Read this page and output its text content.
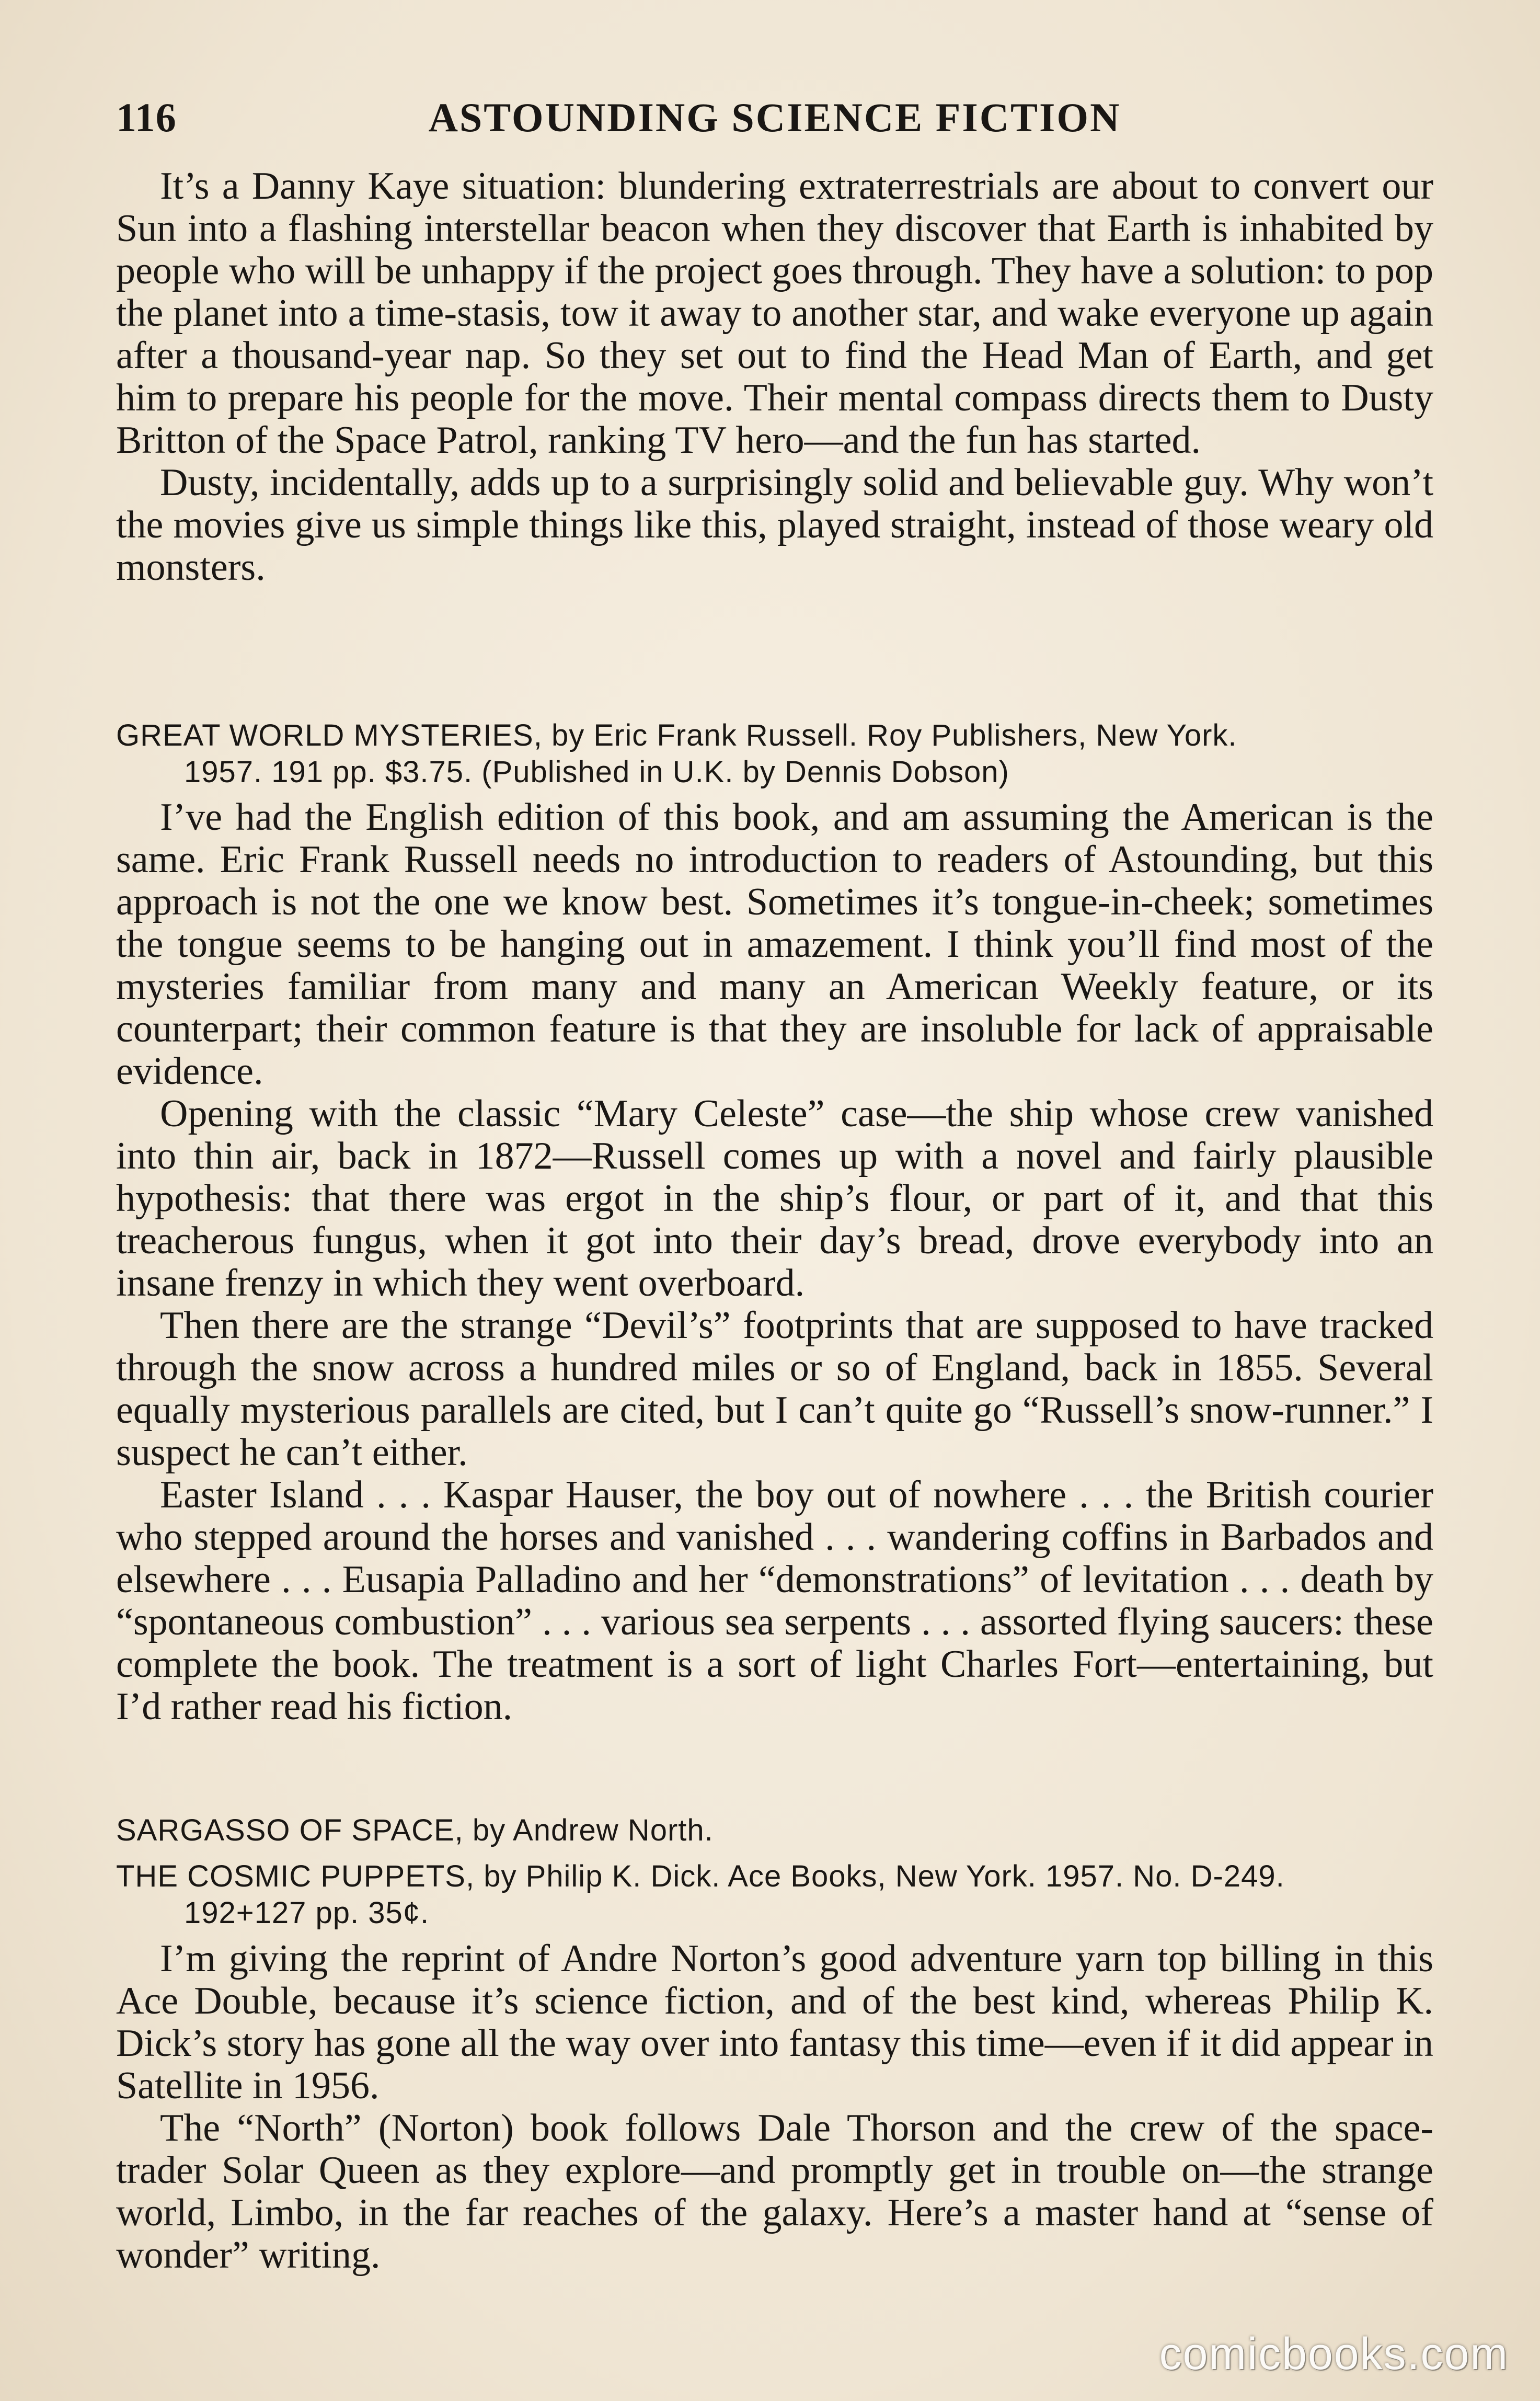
116	ASTOUNDING SCIENCE FICTION

It’s a Danny Kaye situation: blundering extraterrestrials are about to convert our Sun into a flashing interstellar beacon when they discover that Earth is inhabited by people who will be unhappy if the project goes through. They have a solution: to pop the planet into a time-stasis, tow it away to another star, and wake everyone up again after a thousand-year nap. So they set out to find the Head Man of Earth, and get him to prepare his people for the move. Their mental compass directs them to Dusty Britton of the Space Patrol, ranking TV hero—and the fun has started.

Dusty, incidentally, adds up to a surprisingly solid and believable guy. Why won’t the movies give us simple things like this, played straight, instead of those weary old monsters.

GREAT WORLD MYSTERIES, by Eric Frank Russell. Roy Publishers, New York.
1957. 191 pp. $3.75. (Published in U.K. by Dennis Dobson)

I’ve had the English edition of this book, and am assuming the American is the same. Eric Frank Russell needs no introduction to readers of Astounding, but this approach is not the one we know best. Sometimes it’s tongue-in-cheek; sometimes the tongue seems to be hanging out in amazement. I think you’ll find most of the mysteries familiar from many and many an American Weekly feature, or its counterpart; their common feature is that they are insoluble for lack of appraisable evidence.

Opening with the classic “Mary Celeste” case—the ship whose crew vanished into thin air, back in 1872—Russell comes up with a novel and fairly plausible hypothesis: that there was ergot in the ship’s flour, or part of it, and that this treacherous fungus, when it got into their day’s bread, drove everybody into an insane frenzy in which they went overboard.

Then there are the strange “Devil’s” footprints that are supposed to have tracked through the snow across a hundred miles or so of England, back in 1855. Several equally mysterious parallels are cited, but I can’t quite go “Russell’s snow-runner.” I suspect he can’t either.

Easter Island . . . Kaspar Hauser, the boy out of nowhere . . . the British courier who stepped around the horses and vanished . . . wandering coffins in Barbados and elsewhere . . . Eusapia Palladino and her “demonstrations” of levitation . . . death by “spontaneous combustion” . . . various sea serpents . . . assorted flying saucers: these complete the book. The treatment is a sort of light Charles Fort—entertaining, but I’d rather read his fiction.

SARGASSO OF SPACE, by Andrew North.
THE COSMIC PUPPETS, by Philip K. Dick. Ace Books, New York. 1957. No. D-249.
192+127 pp. 35¢.

I’m giving the reprint of Andre Norton’s good adventure yarn top billing in this Ace Double, because it’s science fiction, and of the best kind, whereas Philip K. Dick’s story has gone all the way over into fantasy this time—even if it did appear in Satellite in 1956.

The “North” (Norton) book follows Dale Thorson and the crew of the space-trader Solar Queen as they explore—and promptly get in trouble on—the strange world, Limbo, in the far reaches of the galaxy. Here’s a master hand at “sense of wonder” writing.

comicbooks.com
